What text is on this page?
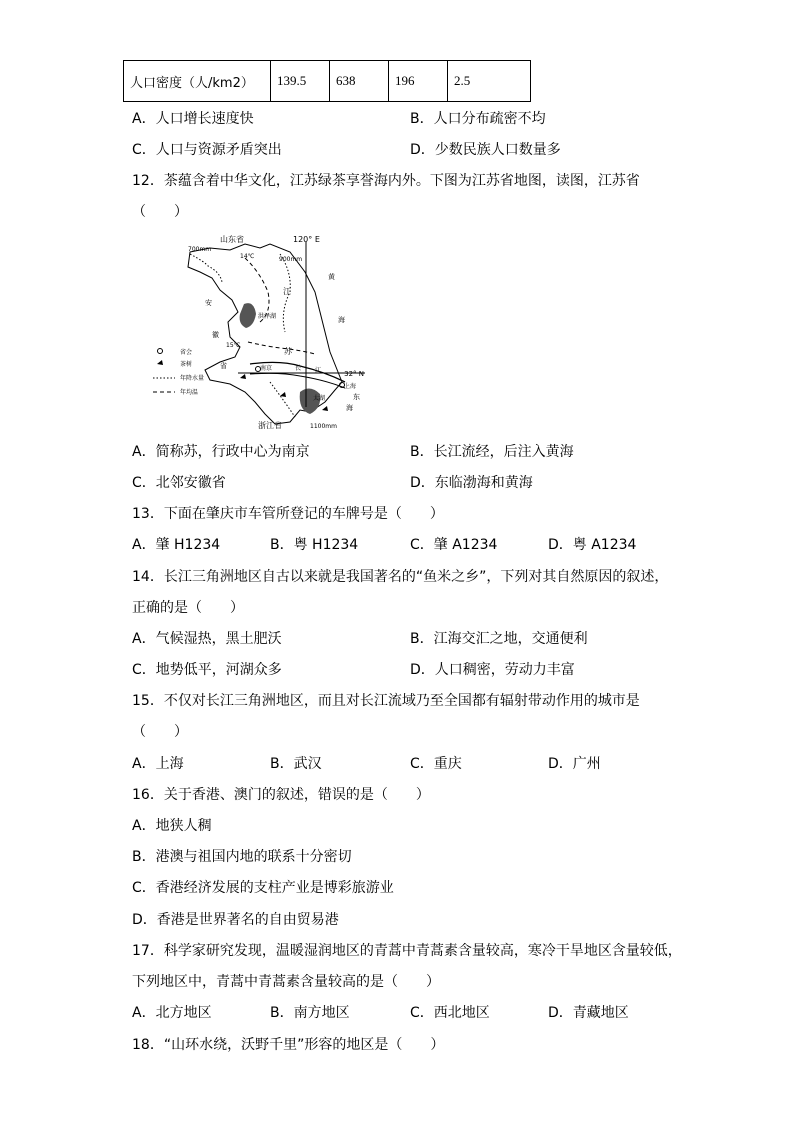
人口密度（人/km2）	139.5	638	196	2.5
A．人口增长速度快	B．人口分布疏密不均
C．人口与资源矛盾突出	D．少数民族人口数量多
12．茶蕴含着中华文化，江苏绿茶享誉海内外。下图为江苏省地图，读图，江苏省
（　　）
山东省	120° E
700mm
14℃	900mm
江
黄
海
安
徽
省
洪泽湖
15℃
苏
南京	长 江	32° N
上海
太湖	东
海
浙江省	1100mm
省会
茶树
年降水量
年均温
A．简称苏，行政中心为南京	B．长江流经，后注入黄海
C．北邻安徽省	D．东临渤海和黄海
13．下面在肇庆市车管所登记的车牌号是（　　）
A．肇 H1234	B．粤 H1234	C．肇 A1234	D．粤 A1234
14．长江三角洲地区自古以来就是我国著名的“鱼米之乡”，下列对其自然原因的叙述，
正确的是（　　）
A．气候湿热，黑土肥沃	B．江海交汇之地，交通便利
C．地势低平，河湖众多	D．人口稠密，劳动力丰富
15．不仅对长江三角洲地区，而且对长江流域乃至全国都有辐射带动作用的城市是
（　　）
A．上海	B．武汉	C．重庆	D．广州
16．关于香港、澳门的叙述，错误的是（　　）
A．地狭人稠
B．港澳与祖国内地的联系十分密切
C．香港经济发展的支柱产业是博彩旅游业
D．香港是世界著名的自由贸易港
17．科学家研究发现，温暖湿润地区的青蒿中青蒿素含量较高，寒冷干旱地区含量较低，
下列地区中，青蒿中青蒿素含量较高的是（　　）
A．北方地区	B．南方地区	C．西北地区	D．青藏地区
18．“山环水绕，沃野千里”形容的地区是（　　）
